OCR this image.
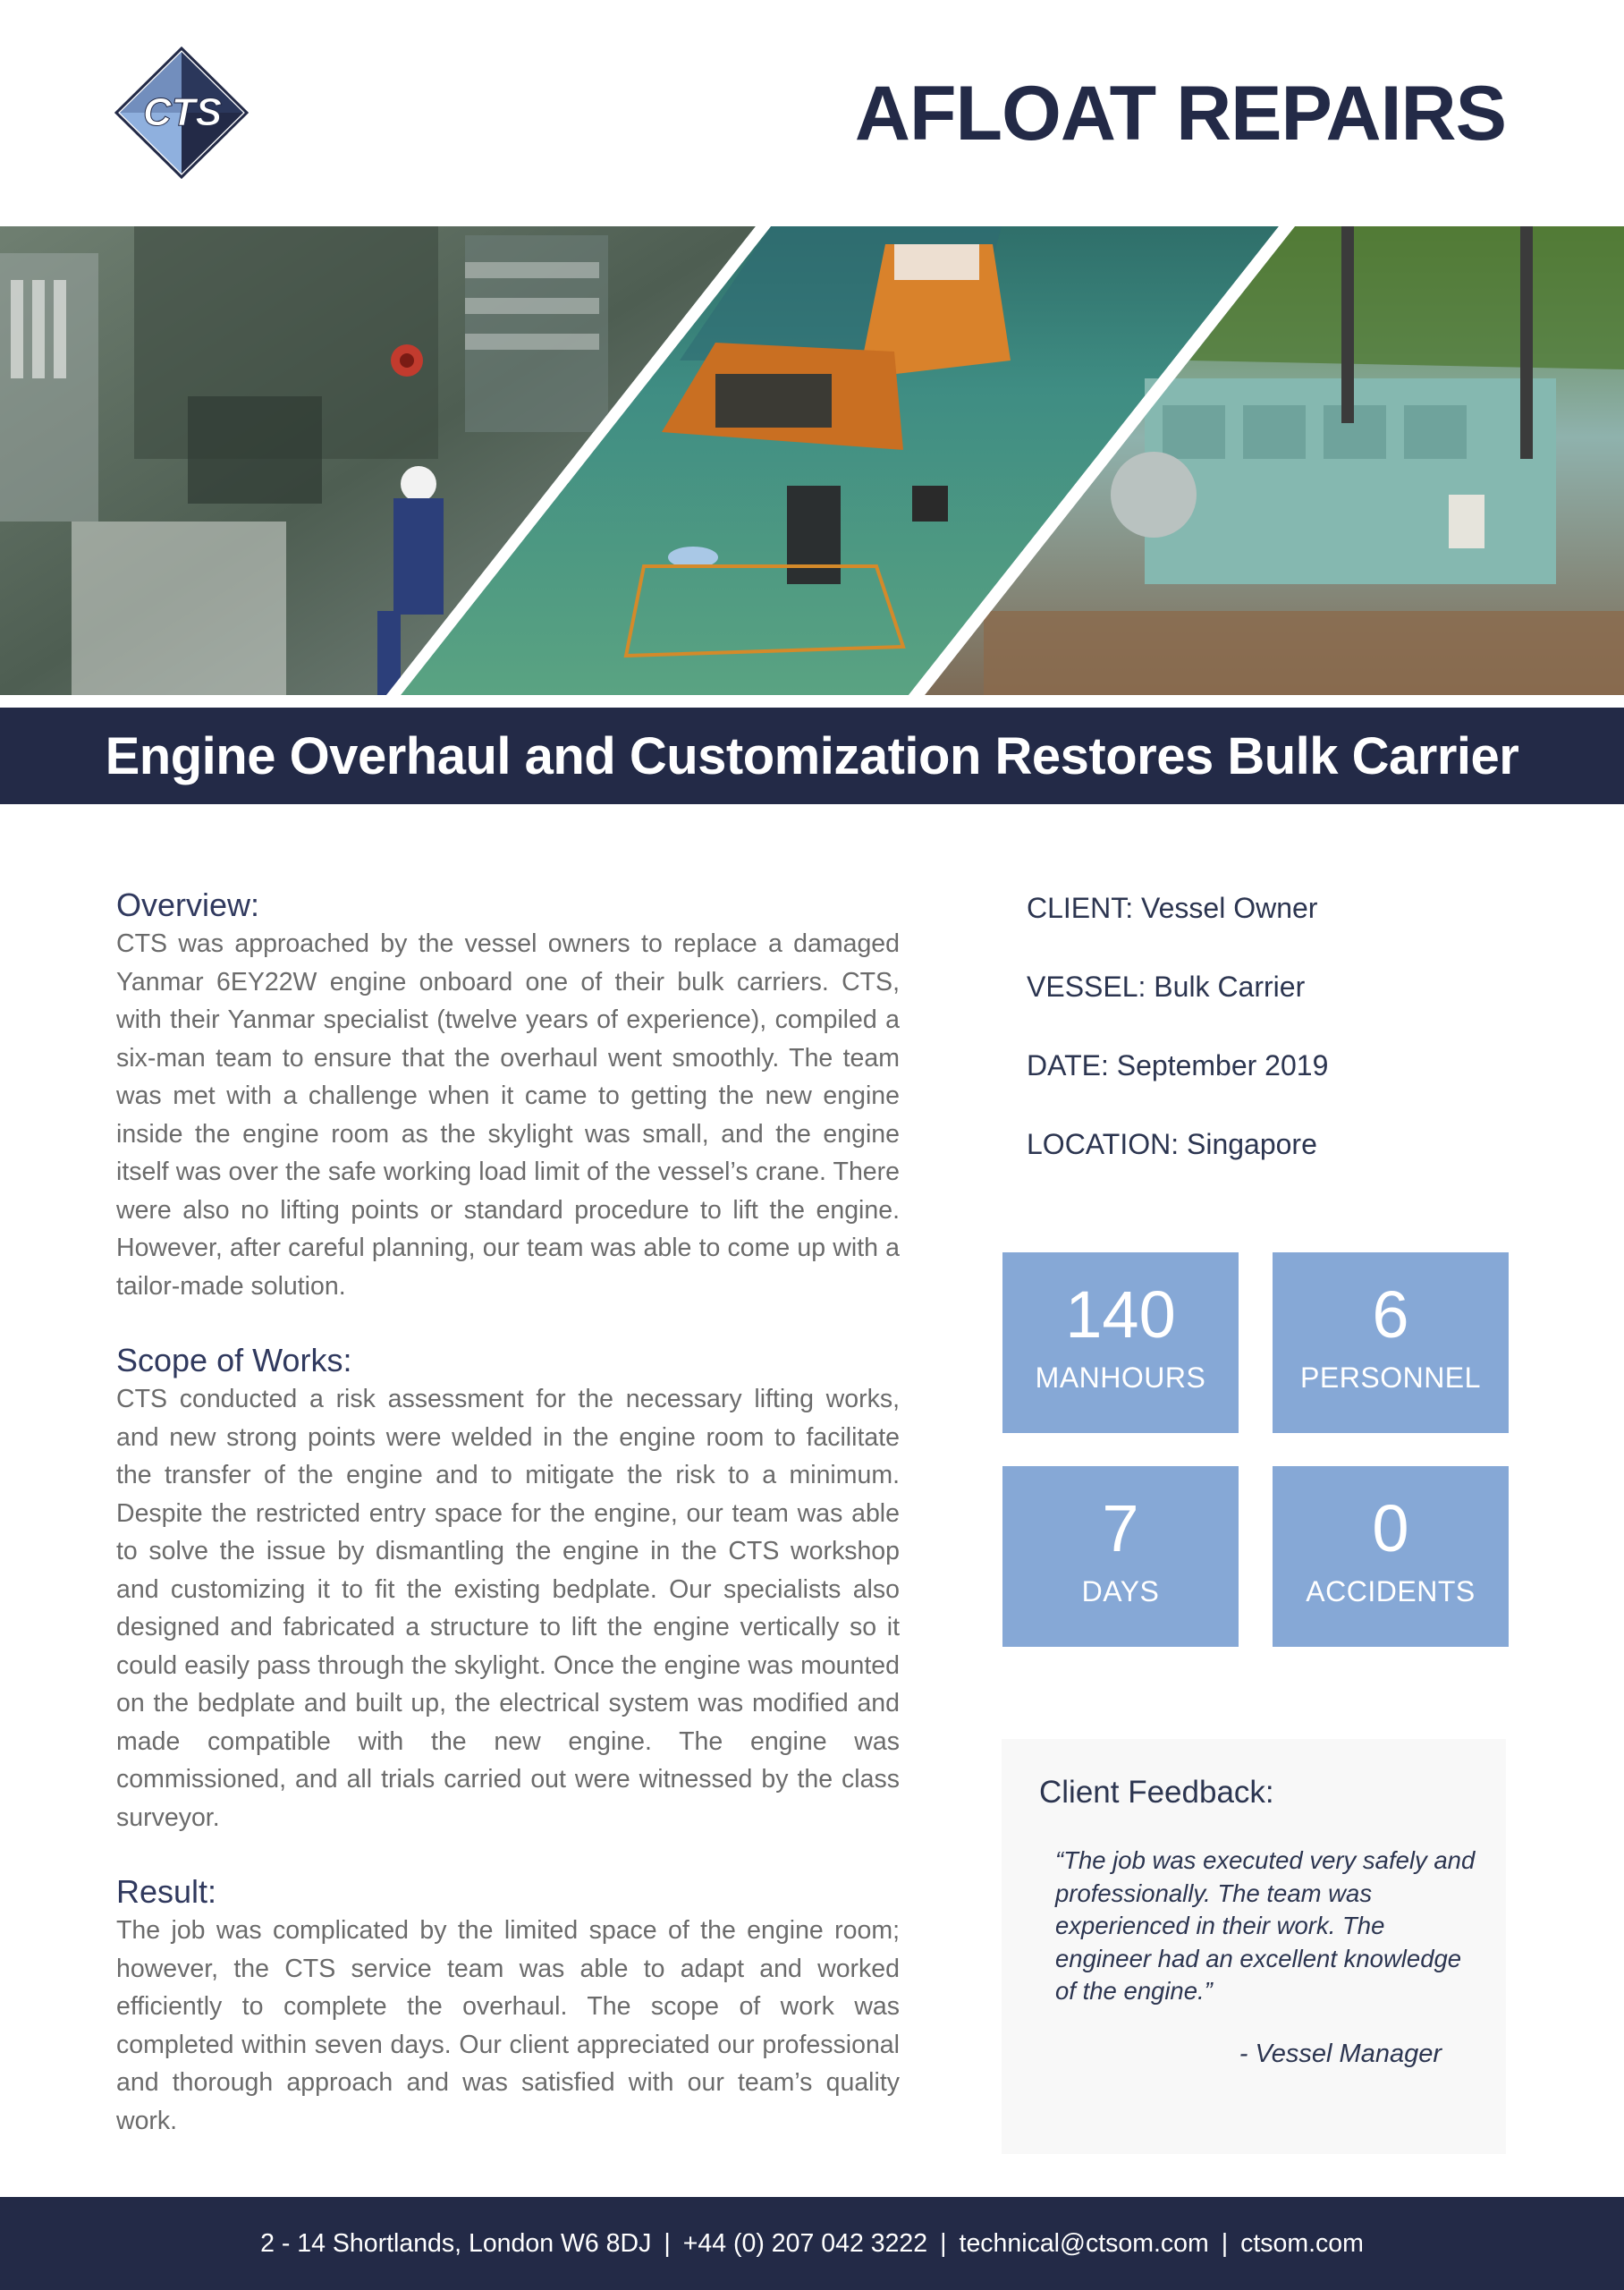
CTS	AFLOAT REPAIRS
Engine Overhaul and Customization Restores Bulk Carrier
Overview:

CTS was approached by the vessel owners to replace a damaged Yanmar 6EY22W engine onboard one of their bulk carriers. CTS, with their Yanmar specialist (twelve years of experience), compiled a six-man team to ensure that the overhaul went smoothly. The team was met with a challenge when it came to getting the new engine inside the engine room as the skylight was small, and the engine itself was over the safe working load limit of the vessel’s crane. There were also no lifting points or standard procedure to lift the engine. However, after careful planning, our team was able to come up with a tailor-made solution.

Scope of Works:

CTS conducted a risk assessment for the necessary lifting works, and new strong points were welded in the engine room to facilitate the transfer of the engine and to mitigate the risk to a minimum. Despite the restricted entry space for the engine, our team was able to solve the issue by dismantling the engine in the CTS workshop and customizing it to fit the existing bedplate. Our specialists also designed and fabricated a structure to lift the engine vertically so it could easily pass through the skylight. Once the engine was mounted on the bedplate and built up, the electrical system was modified and made compatible with the new engine. The engine was commissioned, and all trials carried out were witnessed by the class surveyor.

Result:

The job was complicated by the limited space of the engine room; however, the CTS service team was able to adapt and worked efficiently to complete the overhaul. The scope of work was completed within seven days. Our client appreciated our professional and thorough approach and was satisfied with our team’s quality work.

CLIENT: Vessel Owner
VESSEL: Bulk Carrier
DATE: September 2019
LOCATION: Singapore
140
MANHOURS
6
PERSONNEL
7
DAYS
0
ACCIDENTS
Client Feedback:

“The job was executed very safely and professionally. The team was experienced in their work. The engineer had an excellent knowledge of the engine.”

- Vessel Manager

2 - 14 Shortlands, London W6 8DJ | +44 (0) 207 042 3222 | technical@ctsom.com | ctsom.com
